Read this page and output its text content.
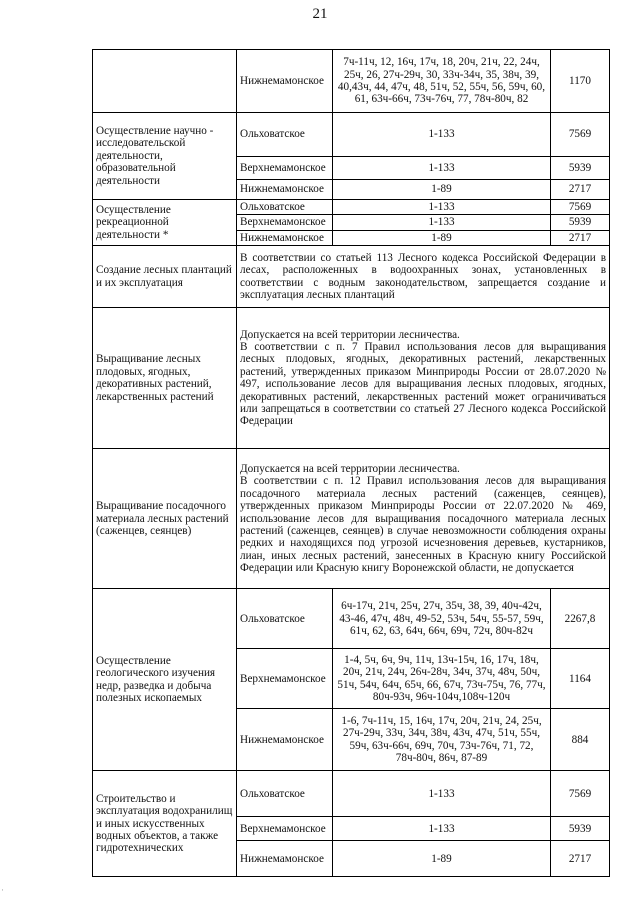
21
	Нижнемамонское	7ч-11ч, 12, 16ч, 17ч, 18, 20ч, 21ч, 22, 24ч, 25ч, 26, 27ч-29ч, 30, 33ч-34ч, 35, 38ч, 39, 40,43ч, 44, 47ч, 48, 51ч, 52, 55ч, 56, 59ч, 60, 61, 63ч-66ч, 73ч-76ч, 77, 78ч-80ч, 82	1170
Осуществление научно - исследовательской деятельности, образовательной деятельности	Ольховатское	1-133	7569
	Верхнемамонское	1-133	5939
	Нижнемамонское	1-89	2717
Осуществление рекреационной деятельности *	Ольховатское	1-133	7569
	Верхнемамонское	1-133	5939
	Нижнемамонское	1-89	2717
Создание лесных плантаций и их эксплуатация	В соответствии со статьей 113 Лесного кодекса Российской Федерации в лесах, расположенных в водоохранных зонах, установленных в соответствии с водным законодательством, запрещается создание и эксплуатация лесных плантаций		

Выращивание лесных плодовых, ягодных, декоративных растений, лекарственных растений	Допускается на всей территории лесничества.

В соответствии с п. 7 Правил использования лесов для выращивания лесных плодовых, ягодных, декоративных растений, лекарственных растений, утвержденных приказом Минприроды России от 28.07.2020 № 497, использование лесов для выращивания лесных плодовых, ягодных, декоративных растений, лекарственных растений может ограничиваться или запрещаться в соответствии со статьей 27 Лесного кодекса Российской Федерации		

Выращивание посадочного материала лесных растений (саженцев, сеянцев)	Допускается на всей территории лесничества.

В соответствии с п. 12 Правил использования лесов для выращивания посадочного материала лесных растений (саженцев, сеянцев), утвержденных приказом Минприроды России от 22.07.2020 № 469, использование лесов для выращивания посадочного материала лесных растений (саженцев, сеянцев) в случае невозможности соблюдения охраны редких и находящихся под угрозой исчезновения деревьев, кустарников, лиан, иных лесных растений, занесенных в Красную книгу Российской Федерации или Красную книгу Воронежской области, не допускается		

Осуществление геологического изучения недр, разведка и добыча полезных ископаемых	Ольховатское	6ч-17ч, 21ч, 25ч, 27ч, 35ч, 38, 39, 40ч-42ч, 43-46, 47ч, 48ч, 49-52, 53ч, 54ч, 55-57, 59ч, 61ч, 62, 63, 64ч, 66ч, 69ч, 72ч, 80ч-82ч	2267,8
	Верхнемамонское	1-4, 5ч, 6ч, 9ч, 11ч, 13ч-15ч, 16, 17ч, 18ч, 20ч, 21ч, 24ч, 26ч-28ч, 34ч, 37ч, 48ч, 50ч, 51ч, 54ч, 64ч, 65ч, 66, 67ч, 73ч-75ч, 76, 77ч, 80ч-93ч, 96ч-104ч,108ч-120ч	1164
	Нижнемамонское	1-6, 7ч-11ч, 15, 16ч, 17ч, 20ч, 21ч, 24, 25ч, 27ч-29ч, 33ч, 34ч, 38ч, 43ч, 47ч, 51ч, 55ч, 59ч, 63ч-66ч, 69ч, 70ч, 73ч-76ч, 71, 72, 78ч-80ч, 86ч, 87-89	884
Строительство и эксплуатация водохранилищ и иных искусственных водных объектов, а также гидротехнических	Ольховатское	1-133	7569
	Верхнемамонское	1-133	5939
	Нижнемамонское	1-89	2717
·
